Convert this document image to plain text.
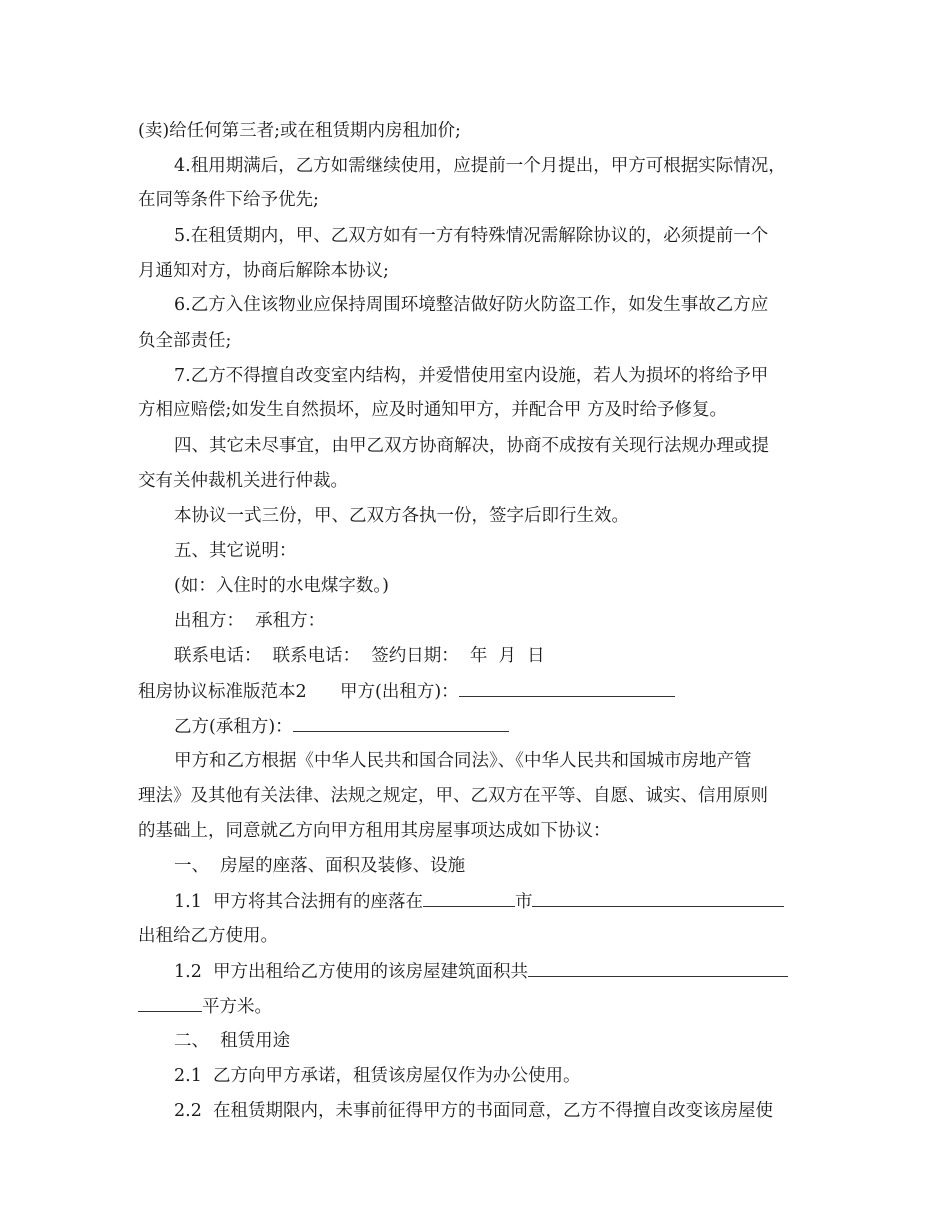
(卖)给任何第三者;或在租赁期内房租加价;
4.租用期满后，乙方如需继续使用，应提前一个月提出，甲方可根据实际情况，
在同等条件下给予优先;
5.在租赁期内，甲、乙双方如有一方有特殊情况需解除协议的，必须提前一个
月通知对方，协商后解除本协议;
6.乙方入住该物业应保持周围环境整洁做好防火防盗工作，如发生事故乙方应
负全部责任;
7.乙方不得擅自改变室内结构，并爱惜使用室内设施，若人为损坏的将给予甲
方相应赔偿;如发生自然损坏，应及时通知甲方，并配合甲 方及时给予修复。
四、其它未尽事宜，由甲乙双方协商解决，协商不成按有关现行法规办理或提
交有关仲裁机关进行仲裁。
本协议一式三份，甲、乙双方各执一份，签字后即行生效。
五、其它说明：
(如：入住时的水电煤字数。)
出租方：  承租方：
联系电话：  联系电话：  签约日期：  年  月  日
租房协议标准版范本2      甲方(出租方)：
乙方(承租方)：
甲方和乙方根据《中华人民共和国合同法》、《中华人民共和国城市房地产管
理法》及其他有关法律、法规之规定，甲、乙双方在平等、自愿、诚实、信用原则
的基础上，同意就乙方向甲方租用其房屋事项达成如下协议：
一、  房屋的座落、面积及装修、设施
1.1  甲方将其合法拥有的座落在	市
出租给乙方使用。
1.2  甲方出租给乙方使用的该房屋建筑面积共
平方米。
二、  租赁用途
2.1  乙方向甲方承诺，租赁该房屋仅作为办公使用。
2.2  在租赁期限内，未事前征得甲方的书面同意，乙方不得擅自改变该房屋使
